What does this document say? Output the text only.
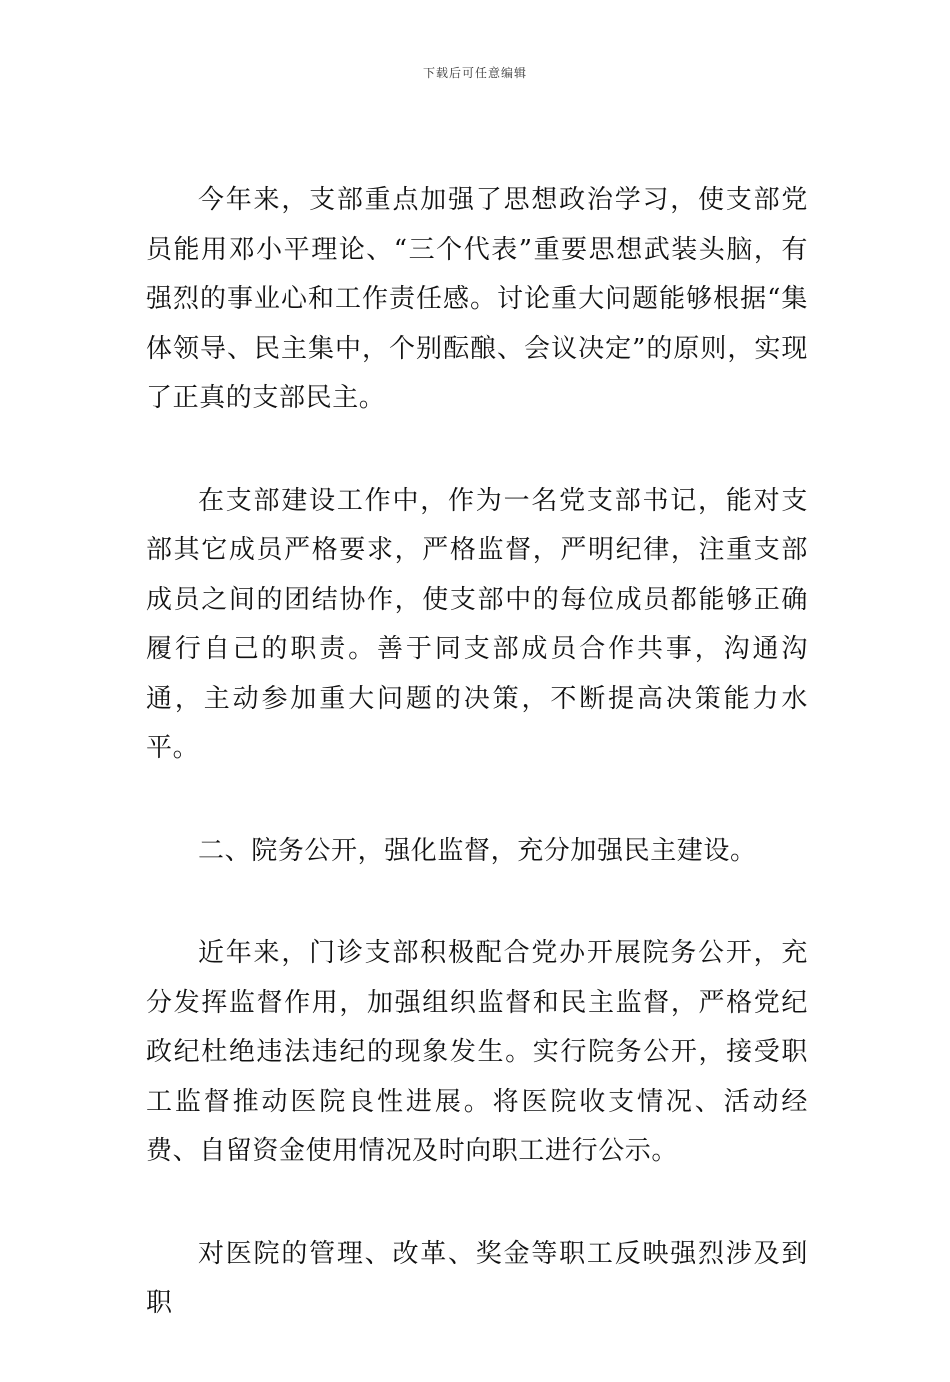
下载后可任意编辑

今年来，支部重点加强了思想政治学习，使支部党员能用邓小平理论、“三个代表”重要思想武装头脑，有强烈的事业心和工作责任感。讨论重大问题能够根据“集体领导、民主集中，个别酝酿、会议决定”的原则，实现了正真的支部民主。

在支部建设工作中，作为一名党支部书记，能对支部其它成员严格要求，严格监督，严明纪律，注重支部成员之间的团结协作，使支部中的每位成员都能够正确履行自己的职责。善于同支部成员合作共事，沟通沟通，主动参加重大问题的决策，不断提高决策能力水平。

二、院务公开，强化监督，充分加强民主建设。

近年来，门诊支部积极配合党办开展院务公开，充分发挥监督作用，加强组织监督和民主监督，严格党纪政纪杜绝违法违纪的现象发生。实行院务公开，接受职工监督推动医院良性进展。将医院收支情况、活动经费、自留资金使用情况及时向职工进行公示。

对医院的管理、改革、奖金等职工反映强烈涉及到职
